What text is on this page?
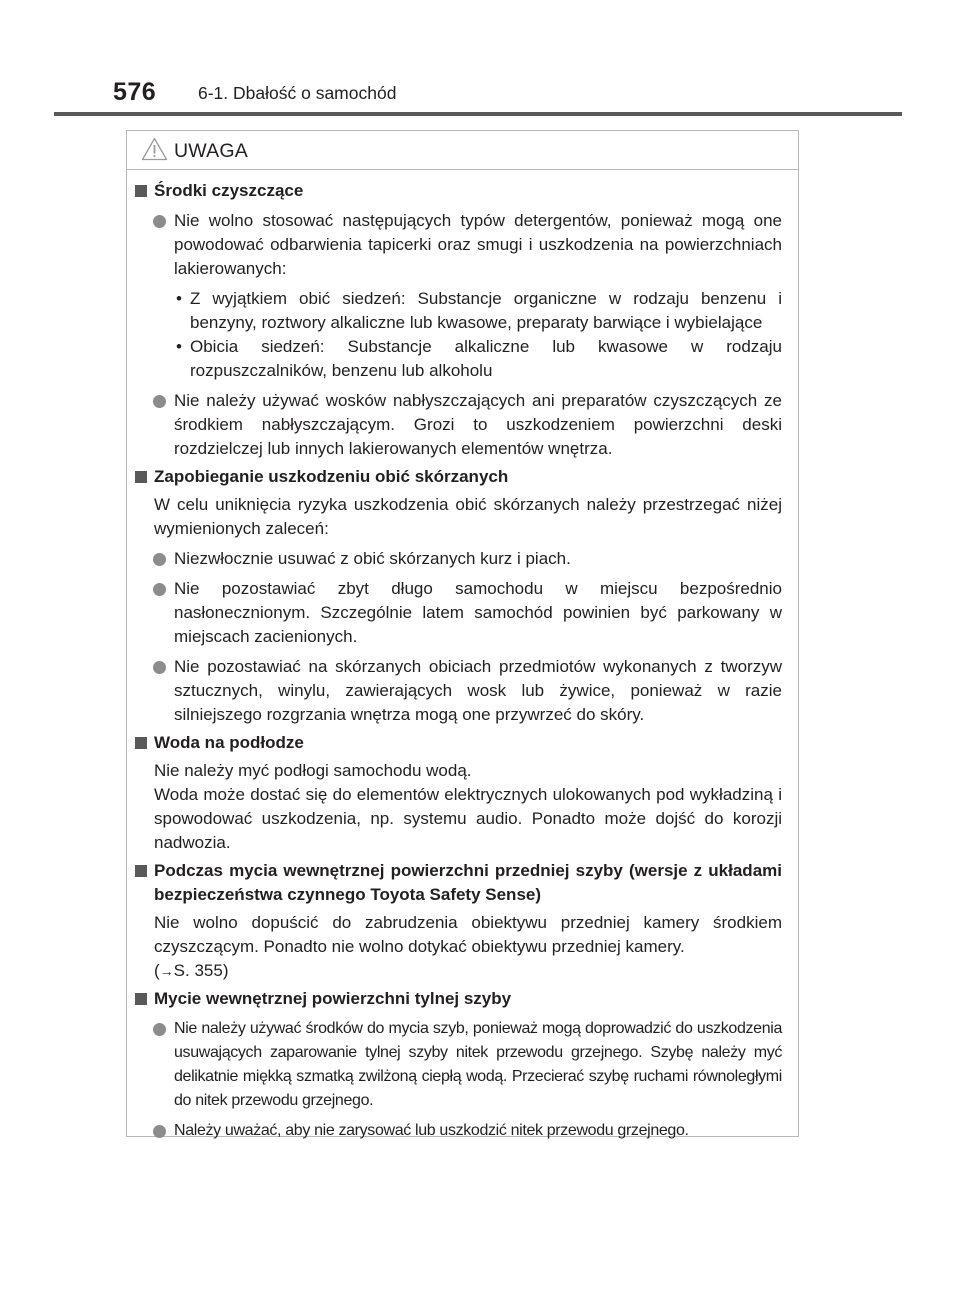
576 6-1. Dbałość o samochód
UWAGA
Środki czyszczące
Nie wolno stosować następujących typów detergentów, ponieważ mogą one powodować odbarwienia tapicerki oraz smugi i uszkodzenia na powierzchniach lakierowanych:
• Z wyjątkiem obić siedzeń: Substancje organiczne w rodzaju benzenu i benzyny, roztwory alkaliczne lub kwasowe, preparaty barwiące i wybielające
• Obicia siedzeń: Substancje alkaliczne lub kwasowe w rodzaju rozpuszczalników, benzenu lub alkoholu
Nie należy używać wosków nabłyszczających ani preparatów czyszczących ze środkiem nabłyszczającym. Grozi to uszkodzeniem powierzchni deski rozdzielczej lub innych lakierowanych elementów wnętrza.
Zapobieganie uszkodzeniu obić skórzanych
W celu uniknięcia ryzyka uszkodzenia obić skórzanych należy przestrzegać niżej wymienionych zaleceń:
Niezwłocznie usuwać z obić skórzanych kurz i piach.
Nie pozostawiać zbyt długo samochodu w miejscu bezpośrednio nasłonecznionym. Szczególnie latem samochód powinien być parkowany w miejscach zacienionych.
Nie pozostawiać na skórzanych obiciach przedmiotów wykonanych z tworzyw sztucznych, winylu, zawierających wosk lub żywice, ponieważ w razie silniejszego rozgrzania wnętrza mogą one przywrzeć do skóry.
Woda na podłodze
Nie należy myć podłogi samochodu wodą.
Woda może dostać się do elementów elektrycznych ulokowanych pod wykładziną i spowodować uszkodzenia, np. systemu audio. Ponadto może dojść do korozji nadwozia.
Podczas mycia wewnętrznej powierzchni przedniej szyby (wersje z układami bezpieczeństwa czynnego Toyota Safety Sense)
Nie wolno dopuścić do zabrudzenia obiektywu przedniej kamery środkiem czyszczącym. Ponadto nie wolno dotykać obiektywu przedniej kamery.
(→S. 355)
Mycie wewnętrznej powierzchni tylnej szyby
Nie należy używać środków do mycia szyb, ponieważ mogą doprowadzić do uszkodzenia usuwających zaparowanie tylnej szyby nitek przewodu grzejnego. Szybę należy myć delikatnie miękką szmatką zwilżoną ciepłą wodą. Przecierać szybę ruchami równoległymi do nitek przewodu grzejnego.
Należy uważać, aby nie zarysować lub uszkodzić nitek przewodu grzejnego.
